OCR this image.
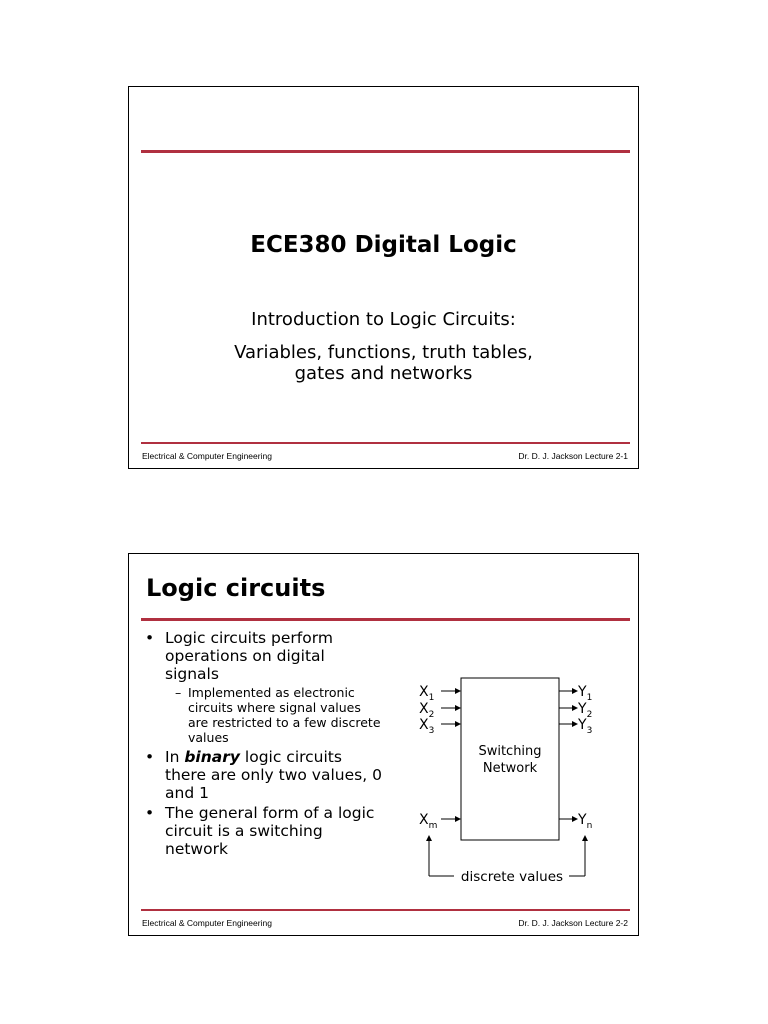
ECE380 Digital Logic
Introduction to Logic Circuits:
Variables, functions, truth tables,
gates and networks
Electrical & Computer Engineering	Dr. D. J. Jackson Lecture 2-1
Logic circuits
• Logic circuits perform operations on digital signals
– Implemented as electronic circuits where signal values are restricted to a few discrete values
• In binary logic circuits there are only two values, 0 and 1
• The general form of a logic circuit is a switching network
Switching
Network
$X_1$
$X_2$
$X_3$
$X_m$
$Y_1$
$Y_2$
$Y_3$
$Y_n$
discrete values
Electrical & Computer Engineering	Dr. D. J. Jackson Lecture 2-2
